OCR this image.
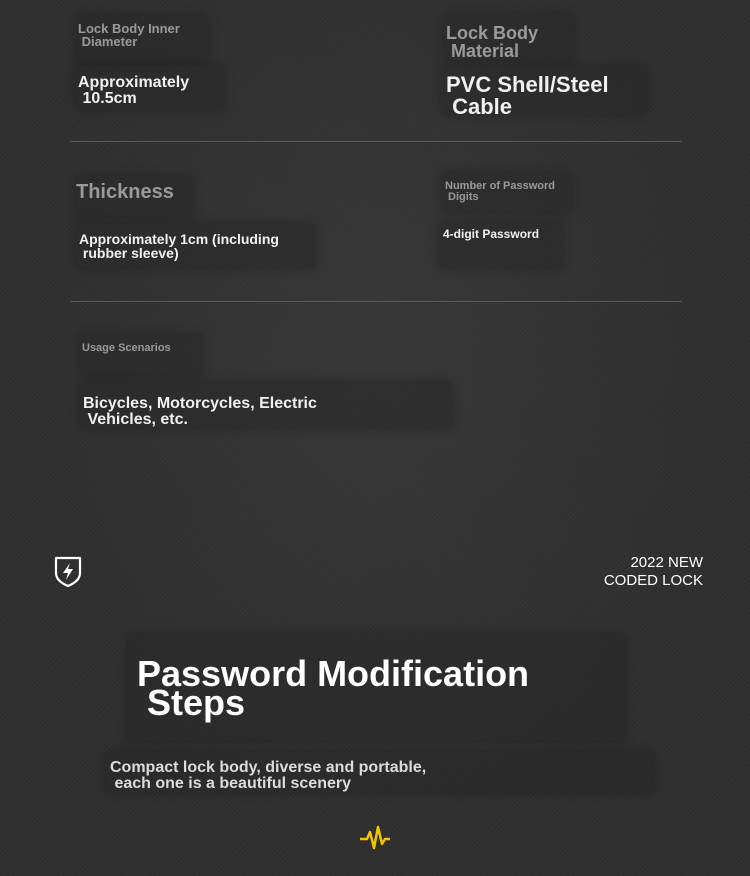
Lock Body Inner
Diameter
Approximately
10.5cm
Lock Body
Material
PVC Shell/Steel
Cable
Thickness
Approximately 1cm (including
rubber sleeve)
Number of Password
Digits
4-digit Password
Usage Scenarios
Bicycles, Motorcycles, Electric
Vehicles, etc.
2022 NEW
CODED LOCK
Password Modification
Steps
Compact lock body, diverse and portable,
each one is a beautiful scenery
